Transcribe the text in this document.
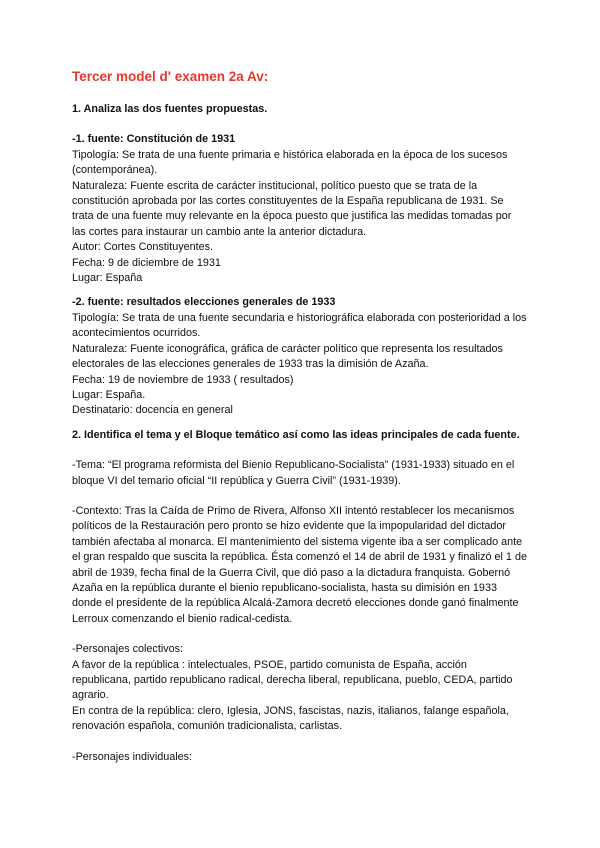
Tercer model d' examen 2a Av:
1. Analiza las dos fuentes propuestas.
-1. fuente: Constitución de 1931
Tipología: Se trata de una fuente primaria e histórica elaborada en la época de los sucesos (contemporánea).
Naturaleza: Fuente escrita de carácter institucional, político puesto que se trata de la constitución aprobada por las cortes constituyentes de la España republicana de 1931. Se trata de una fuente muy relevante en la época puesto que justifica las medidas tomadas por las cortes para instaurar un cambio ante la anterior dictadura.
Autor: Cortes Constituyentes.
Fecha: 9 de diciembre de 1931
Lugar: España
-2. fuente: resultados elecciones generales de 1933
Tipología: Se trata de una fuente secundaria e historiográfica elaborada con posterioridad a los acontecimientos ocurridos.
Naturaleza: Fuente iconográfica, gráfica de carácter político que representa los resultados electorales de las elecciones generales de 1933 tras la dimisión de Azaña.
Fecha: 19 de noviembre de 1933 ( resultados)
Lugar: España.
Destinatario: docencia en general
2. Identifica el tema y el Bloque temático así como las ideas principales de cada fuente.
-Tema: “El programa reformista del Bienio Republicano-Socialista” (1931-1933) situado en el bloque VI del temario oficial “II república y Guerra Civil” (1931-1939).
-Contexto: Tras la Caída de Primo de Rivera, Alfonso XII intentó restablecer los mecanismos políticos de la Restauración pero pronto se hizo evidente que la impopularidad del dictador también afectaba al monarca. El mantenimiento del sistema vigente iba a ser complicado ante el gran respaldo que suscita la república. Ésta comenzó el 14 de abril de 1931 y finalizó el 1 de abril de 1939, fecha final de la Guerra Civil, que dió paso a la dictadura franquista. Gobernó Azaña en la república durante el bienio republicano-socialista, hasta su dimisión en 1933 donde el presidente de la república Alcalá-Zamora decretó elecciones donde ganó finalmente Lerroux comenzando el bienio radical-cedista.
-Personajes colectivos:
A favor de la república : intelectuales, PSOE, partido comunista de España, acción republicana, partido republicano radical, derecha liberal, republicana, pueblo, CEDA, partido agrario.
En contra de la república: clero, Iglesia, JONS, fascistas, nazis, italianos, falange española, renovación española, comunión tradicionalista, carlistas.
-Personajes individuales:
